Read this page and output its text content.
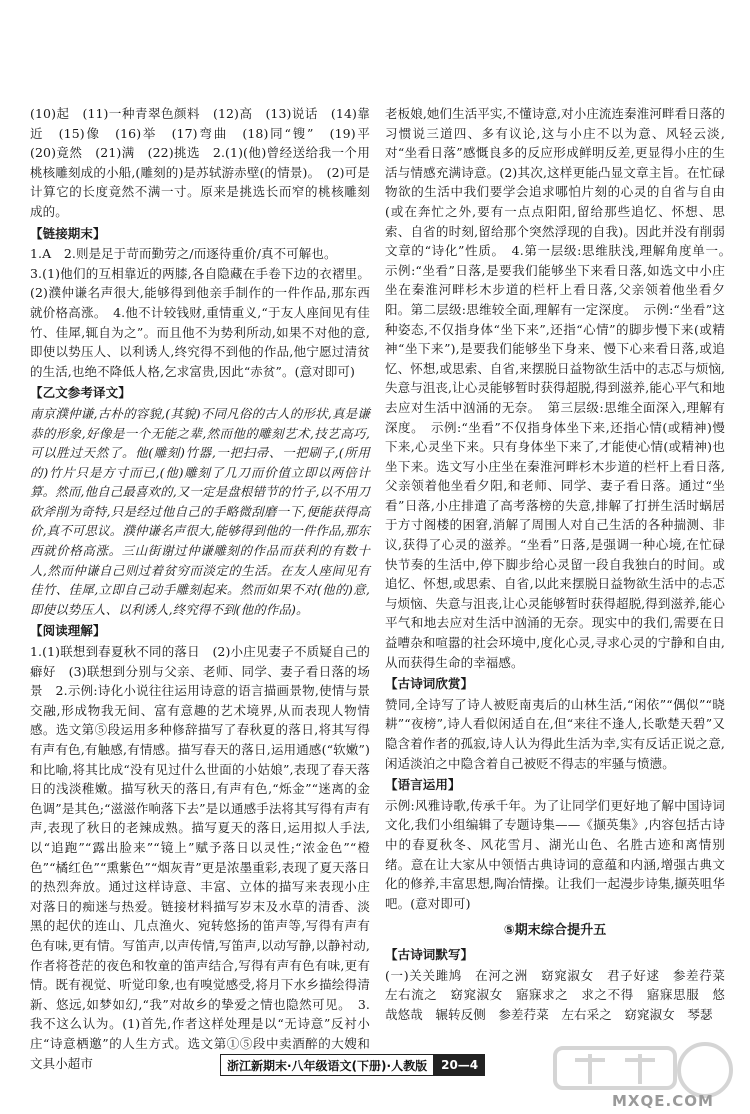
(10)起　(11)一种青翠色颜料　(12)高　(13)说话　(14)靠近　(15)像　(16)举　(17)弯曲　(18)同“锼”　(19)平　(20)竟然　(21)满　(22)挑选　2.(1)(他)曾经送给我一个用桃核雕刻成的小船,(雕刻的)是苏轼游赤壁(的情景)。　(2)可是计算它的长度竟然不满一寸。原来是挑选长而窄的桃核雕刻成的。

【链接期末】

1.A　2.则是足于苛而勤劳之/而逐待重价/真不可解也。

3.(1)他们的互相靠近的两膝,各自隐藏在手卷下边的衣褶里。(2)濮仲谦名声很大,能够得到他亲手制作的一件作品,那东西就价格高涨。　4.他不计较钱财,重情重义,“于友人座间见有佳竹、佳犀,辄自为之”。而且他不为势利所动,如果不对他的意,即使以势压人、以利诱人,终究得不到他的作品,他宁愿过清贫的生活,也绝不降低人格,乞求富贵,因此“赤贫”。(意对即可)

【乙文参考译文】

南京濮仲谦,古朴的容貌,(其貌)不同凡俗的古人的形状,真是谦恭的形象,好像是一个无能之辈,然而他的雕刻艺术,技艺高巧,可以胜过天然了。他(雕刻)竹器,一把扫帚、一把刷子,(所用的)竹片只是方寸而已,(他)雕刻了几刀而价值立即以两倍计算。然而,他自己最喜欢的,又一定是盘根错节的竹子,以不用刀砍斧削为奇特,只是经过他自己的手略微刮磨一下,便能获得高价,真不可思议。濮仲谦名声很大,能够得到他的一件作品,那东西就价格高涨。三山街谢过仲谦雕刻的作品而获利的有数十人,然而仲谦自己则过着贫穷而淡定的生活。在友人座间见有佳竹、佳犀,立即自己动手雕刻起来。然而如果不对(他的)意,即使以势压人、以利诱人,终究得不到(他的作品)。

【阅读理解】

1.(1)联想到春夏秋不同的落日　(2)小庄见妻子不质疑自己的癖好　(3)联想到分别与父亲、老师、同学、妻子看日落的场景　2.示例:诗化小说往往运用诗意的语言描画景物,使情与景交融,形成物我无间、富有意趣的艺术境界,从而表现人物情感。选文第⑤段运用多种修辞描写了春秋夏的落日,将其写得有声有色,有触感,有情感。描写春天的落日,运用通感(“软嫩”)和比喻,将其比成“没有见过什么世面的小姑娘”,表现了春天落日的浅淡稚嫩。描写秋天的落日,有声有色,“烁金”“迷离的金色调”是其色;“滋滋作响落下去”是以通感手法将其写得有声有声,表现了秋日的老辣成熟。描写夏天的落日,运用拟人手法,以“追跑”“露出脸来”“镜上”赋予落日以灵性;“浓金色”“橙色”“橘红色”“熏紫色”“烟灰青”更是浓墨重彩,表现了夏天落日的热烈奔放。通过这样诗意、丰富、立体的描写来表现小庄对落日的痴迷与热爱。链接材料描写岁末及水草的清香、淡黑的起伏的连山、几点渔火、宛转悠扬的笛声等,写得有声有色有味,更有情。写笛声,以声传情,写笛声,以动写静,以静衬动,作者将苍茫的夜色和牧童的笛声结合,写得有声有色有味,更有情。既有视觉、听觉印象,也有嗅觉感受,将月下水乡描绘得清新、悠远,如梦如幻,“我”对故乡的挚爱之情也隐然可见。　3.我不这么认为。(1)首先,作者这样处理是以“无诗意”反衬小庄“诗意栖邀”的人生方式。选文第①⑤段中卖酒醉的大嫂和文具小超市

老板娘,她们生活平实,不懂诗意,对小庄流连秦淮河畔看日落的习惯说三道四、多有议论,这与小庄不以为意、风轻云淡,对“坐看日落”感慨良多的反应形成鲜明反差,更显得小庄的生活与情感充满诗意。(2)其次,这样更能凸显文章主旨。在忙碌物欲的生活中我们要学会追求哪怕片刻的心灵的自省与自由(或在奔忙之外,要有一点点阳阳,留给那些追忆、怀想、思索、自省的时刻,留给那个突然浮现的自我)。因此并没有削弱文章的“诗化”性质。　4.第一层级:思维肤浅,理解角度单一。　示例:“坐看”日落,是要我们能够坐下来看日落,如选文中小庄坐在秦淮河畔杉木步道的栏杆上看日落,父亲领着他坐看夕阳。第二层级:思维较全面,理解有一定深度。　示例:“坐看”这种姿态,不仅指身体“坐下来”,还指“心情”的脚步慢下来(或精神“坐下来”),是要我们能够坐下身来、慢下心来看日落,或追忆、怀想,或思索、自省,来摆脱日益物欲生活中的志忑与烦恼,失意与沮丧,让心灵能够暂时获得超脱,得到滋养,能心平气和地去应对生活中汹涌的无奈。　第三层级:思维全面深入,理解有深度。　示例:“坐看”不仅指身体坐下来,还指心情(或精神)慢下来,心灵坐下来。只有身体坐下来了,才能使心情(或精神)也坐下来。选文写小庄坐在秦淮河畔杉木步道的栏杆上看日落,父亲领着他坐看夕阳,和老师、同学、妻子看日落。通过“坐看”日落,小庄排遣了高考落榜的失意,排解了打拼生活时蜗居于方寸阁楼的困窘,消解了周围人对自己生活的各种揣测、非议,获得了心灵的滋养。“坐看”日落,是强调一种心境,在忙碌快节奏的生活中,停下脚步给心灵留一段自我独白的时间。或追忆、怀想,或思索、自省,以此来摆脱日益物欲生活中的忐忑与烦恼、失意与沮丧,让心灵能够暂时获得超脱,得到滋养,能心平气和地去应对生活中汹涌的无奈。现实中的我们,需要在日益嘈杂和喧嚣的社会环境中,度化心灵,寻求心灵的宁静和自由,从而获得生命的幸福感。

【古诗词欣赏】

赞同,全诗写了诗人被贬南夷后的山林生活,“闲依”“偶似”“晓耕”“夜榜”,诗人看似闲适自在,但“来往不逢人,长歌楚天碧”又隐含着作者的孤寂,诗人认为得此生活为幸,实有反话正说之意,闲适淡泊之中隐含着自己被贬不得志的牢骚与愤懑。

【语言运用】

示例:风雅诗歌,传承千年。为了让同学们更好地了解中国诗词文化,我们小组编辑了专题诗集——《撷英集》,内容包括古诗中的春夏秋冬、风花雪月、湖光山色、名胜古迹和离情别绪。意在让大家从中领悟古典诗词的意蕴和内涵,增强古典文化的修养,丰富思想,陶冶情操。让我们一起漫步诗集,撷英咀华吧。(意对即可)

⑤期末综合提升五
【古诗词默写】

(一)关关雎鸠　在河之洲　窈窕淑女　君子好逑　参差荇菜　左右流之　窈窕淑女　寤寐求之　求之不得　寤寐思服　悠哉悠哉　辗转反侧　参差荇菜　左右采之　窈窕淑女　琴瑟

浙江新期末·八年级语文(下册)·人教版	20—4
MXQE.COM
